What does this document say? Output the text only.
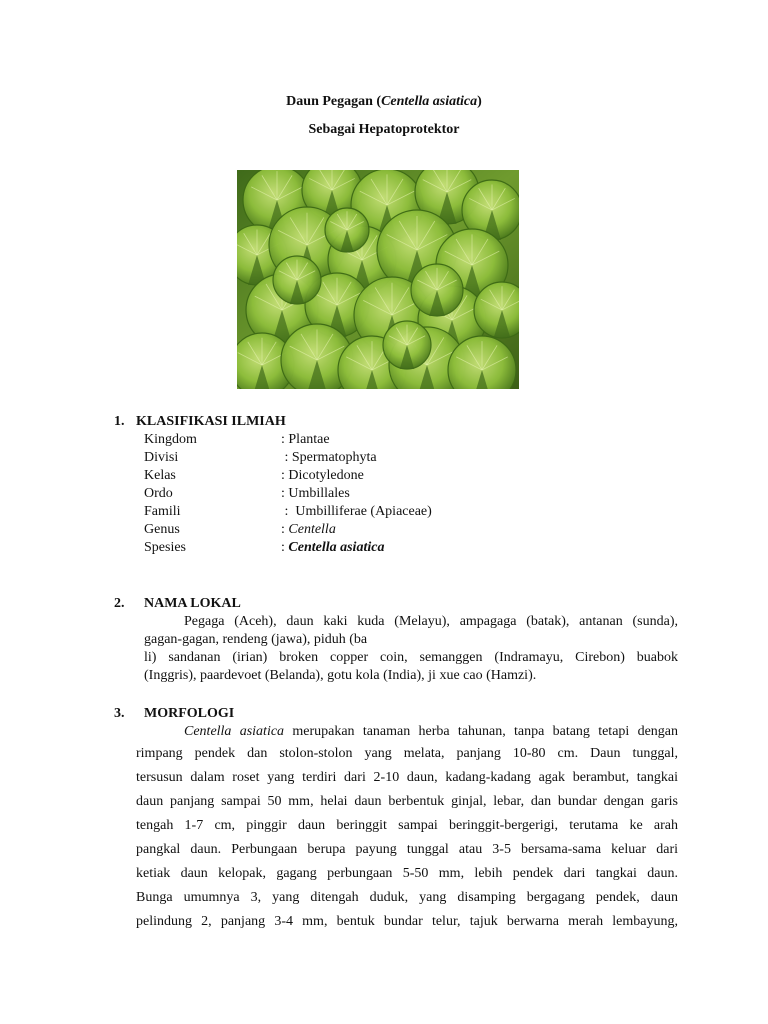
Daun Pegagan (Centella asiatica)
Sebagai Hepatoprotektor
1. KLASIFIKASI ILMIAH
Kingdom	: Plantae
Divisi	: Spermatophyta
Kelas	: Dicotyledone
Ordo	: Umbillales
Famili	:  Umbilliferae (Apiaceae)
Genus	: Centella
Spesies	: Centella asiatica
2. NAMA LOKAL
Pegaga (Aceh), daun kaki kuda (Melayu), ampagaga (batak), antanan (sunda),
gagan-gagan, rendeng (jawa), piduh (ba
li) sandanan (irian) broken copper coin, semanggen (Indramayu, Cirebon) buabok
(Inggris), paardevoet (Belanda), gotu kola (India), ji xue cao (Hamzi).
3. MORFOLOGI
Centella asiatica merupakan tanaman herba tahunan, tanpa batang tetapi dengan
rimpang pendek dan stolon-stolon yang melata, panjang 10-80 cm. Daun tunggal,
tersusun dalam roset yang terdiri dari 2-10 daun, kadang-kadang agak berambut, tangkai
daun panjang sampai 50 mm, helai daun berbentuk ginjal, lebar, dan bundar dengan garis
tengah 1-7 cm, pinggir daun beringgit sampai beringgit-bergerigi, terutama ke arah
pangkal daun. Perbungaan berupa payung tunggal atau 3-5 bersama-sama keluar dari
ketiak daun kelopak, gagang perbungaan 5-50 mm, lebih pendek dari tangkai daun.
Bunga umumnya 3, yang ditengah duduk, yang disamping bergagang pendek, daun
pelindung 2, panjang 3-4 mm, bentuk bundar telur, tajuk berwarna merah lembayung,
